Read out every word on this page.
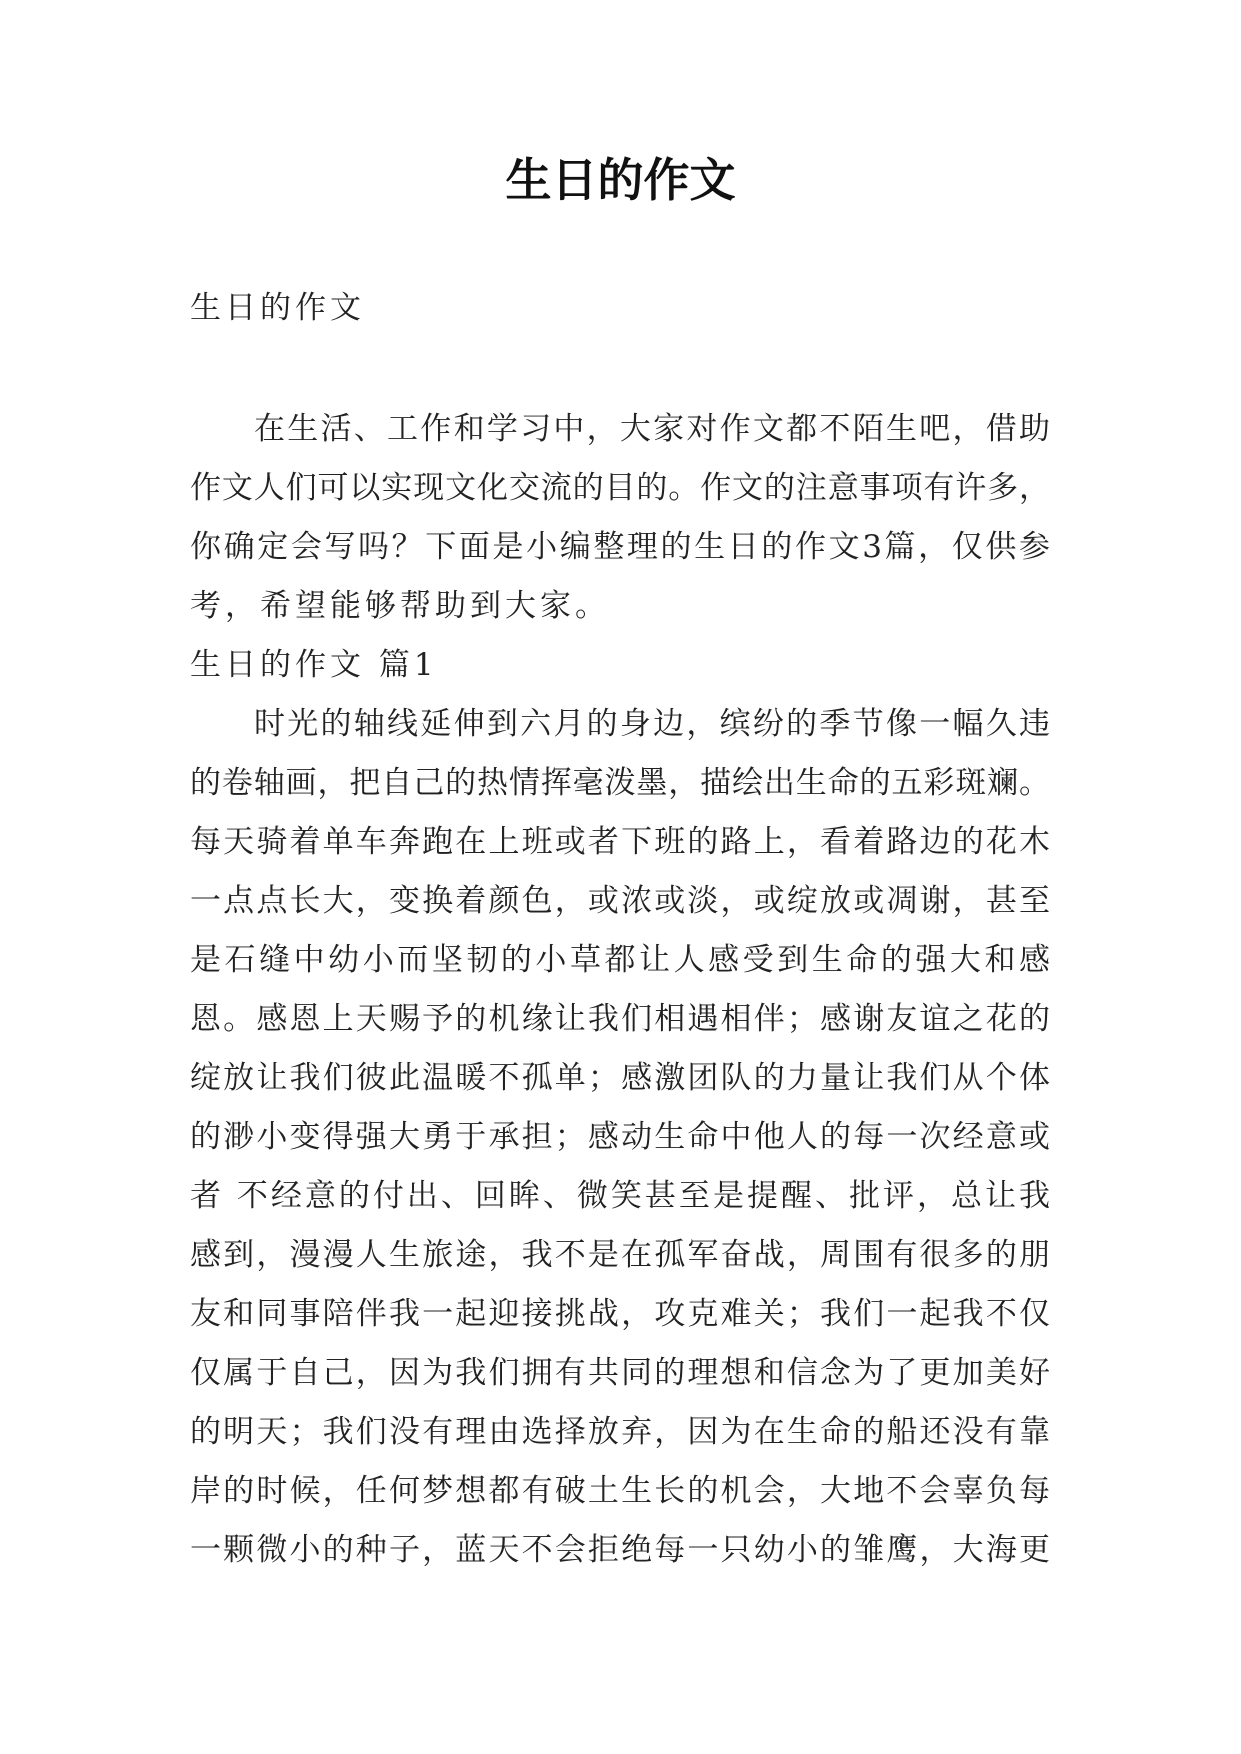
生日的作文
生日的作文
在生活、工作和学习中，大家对作文都不陌生吧，借助
作文人们可以实现文化交流的目的。作文的注意事项有许多，
你确定会写吗？下面是小编整理的生日的作文3篇，仅供参
考，希望能够帮助到大家。
生日的作文 篇1
时光的轴线延伸到六月的身边，缤纷的季节像一幅久违
的卷轴画，把自己的热情挥毫泼墨，描绘出生命的五彩斑斓。
每天骑着单车奔跑在上班或者下班的路上，看着路边的花木
一点点长大，变换着颜色，或浓或淡，或绽放或凋谢，甚至
是石缝中幼小而坚韧的小草都让人感受到生命的强大和感
恩。感恩上天赐予的机缘让我们相遇相伴；感谢友谊之花的
绽放让我们彼此温暖不孤单；感激团队的力量让我们从个体
的渺小变得强大勇于承担；感动生命中他人的每一次经意或
者 不经意的付出、回眸、微笑甚至是提醒、批评，总让我
感到，漫漫人生旅途，我不是在孤军奋战，周围有很多的朋
友和同事陪伴我一起迎接挑战，攻克难关；我们一起我不仅
仅属于自己，因为我们拥有共同的理想和信念为了更加美好
的明天；我们没有理由选择放弃，因为在生命的船还没有靠
岸的时候，任何梦想都有破土生长的机会，大地不会辜负每
一颗微小的种子，蓝天不会拒绝每一只幼小的雏鹰，大海更
